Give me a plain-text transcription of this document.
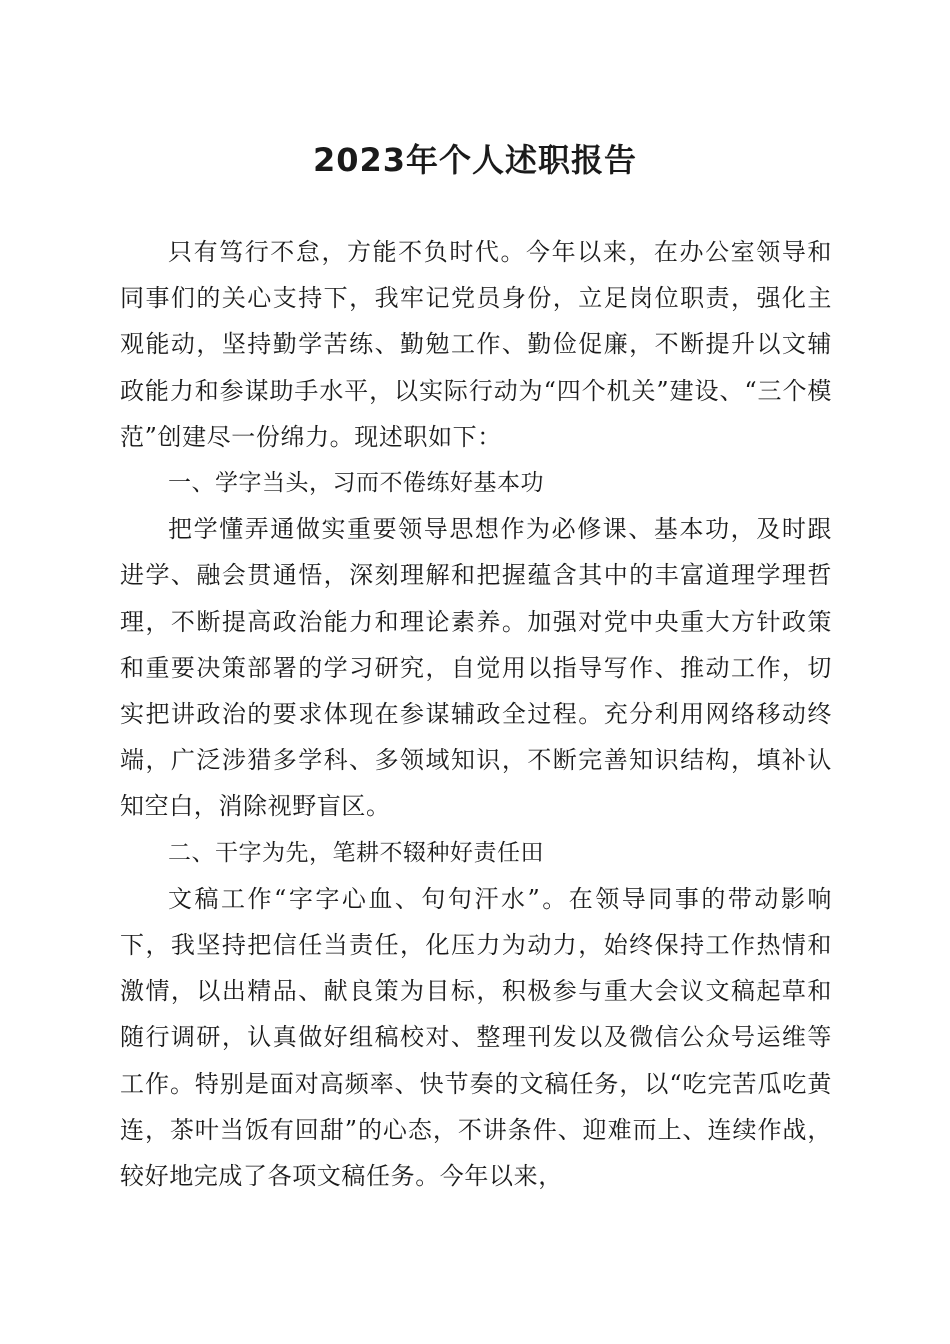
2023年个人述职报告

只有笃行不怠，方能不负时代。今年以来，在办公室领导和同事们的关心支持下，我牢记党员身份，立足岗位职责，强化主观能动，坚持勤学苦练、勤勉工作、勤俭促廉，不断提升以文辅政能力和参谋助手水平，以实际行动为“四个机关”建设、“三个模范”创建尽一份绵力。现述职如下：

一、学字当头，习而不倦练好基本功

把学懂弄通做实重要领导思想作为必修课、基本功，及时跟进学、融会贯通悟，深刻理解和把握蕴含其中的丰富道理学理哲理，不断提高政治能力和理论素养。加强对党中央重大方针政策和重要决策部署的学习研究，自觉用以指导写作、推动工作，切实把讲政治的要求体现在参谋辅政全过程。充分利用网络移动终端，广泛涉猎多学科、多领域知识，不断完善知识结构，填补认知空白，消除视野盲区。

二、干字为先，笔耕不辍种好责任田

文稿工作“字字心血、句句汗水”。在领导同事的带动影响下，我坚持把信任当责任，化压力为动力，始终保持工作热情和激情，以出精品、献良策为目标，积极参与重大会议文稿起草和随行调研，认真做好组稿校对、整理刊发以及微信公众号运维等工作。特别是面对高频率、快节奏的文稿任务，以“吃完苦瓜吃黄连，茶叶当饭有回甜”的心态，不讲条件、迎难而上、连续作战，较好地完成了各项文稿任务。今年以来，
